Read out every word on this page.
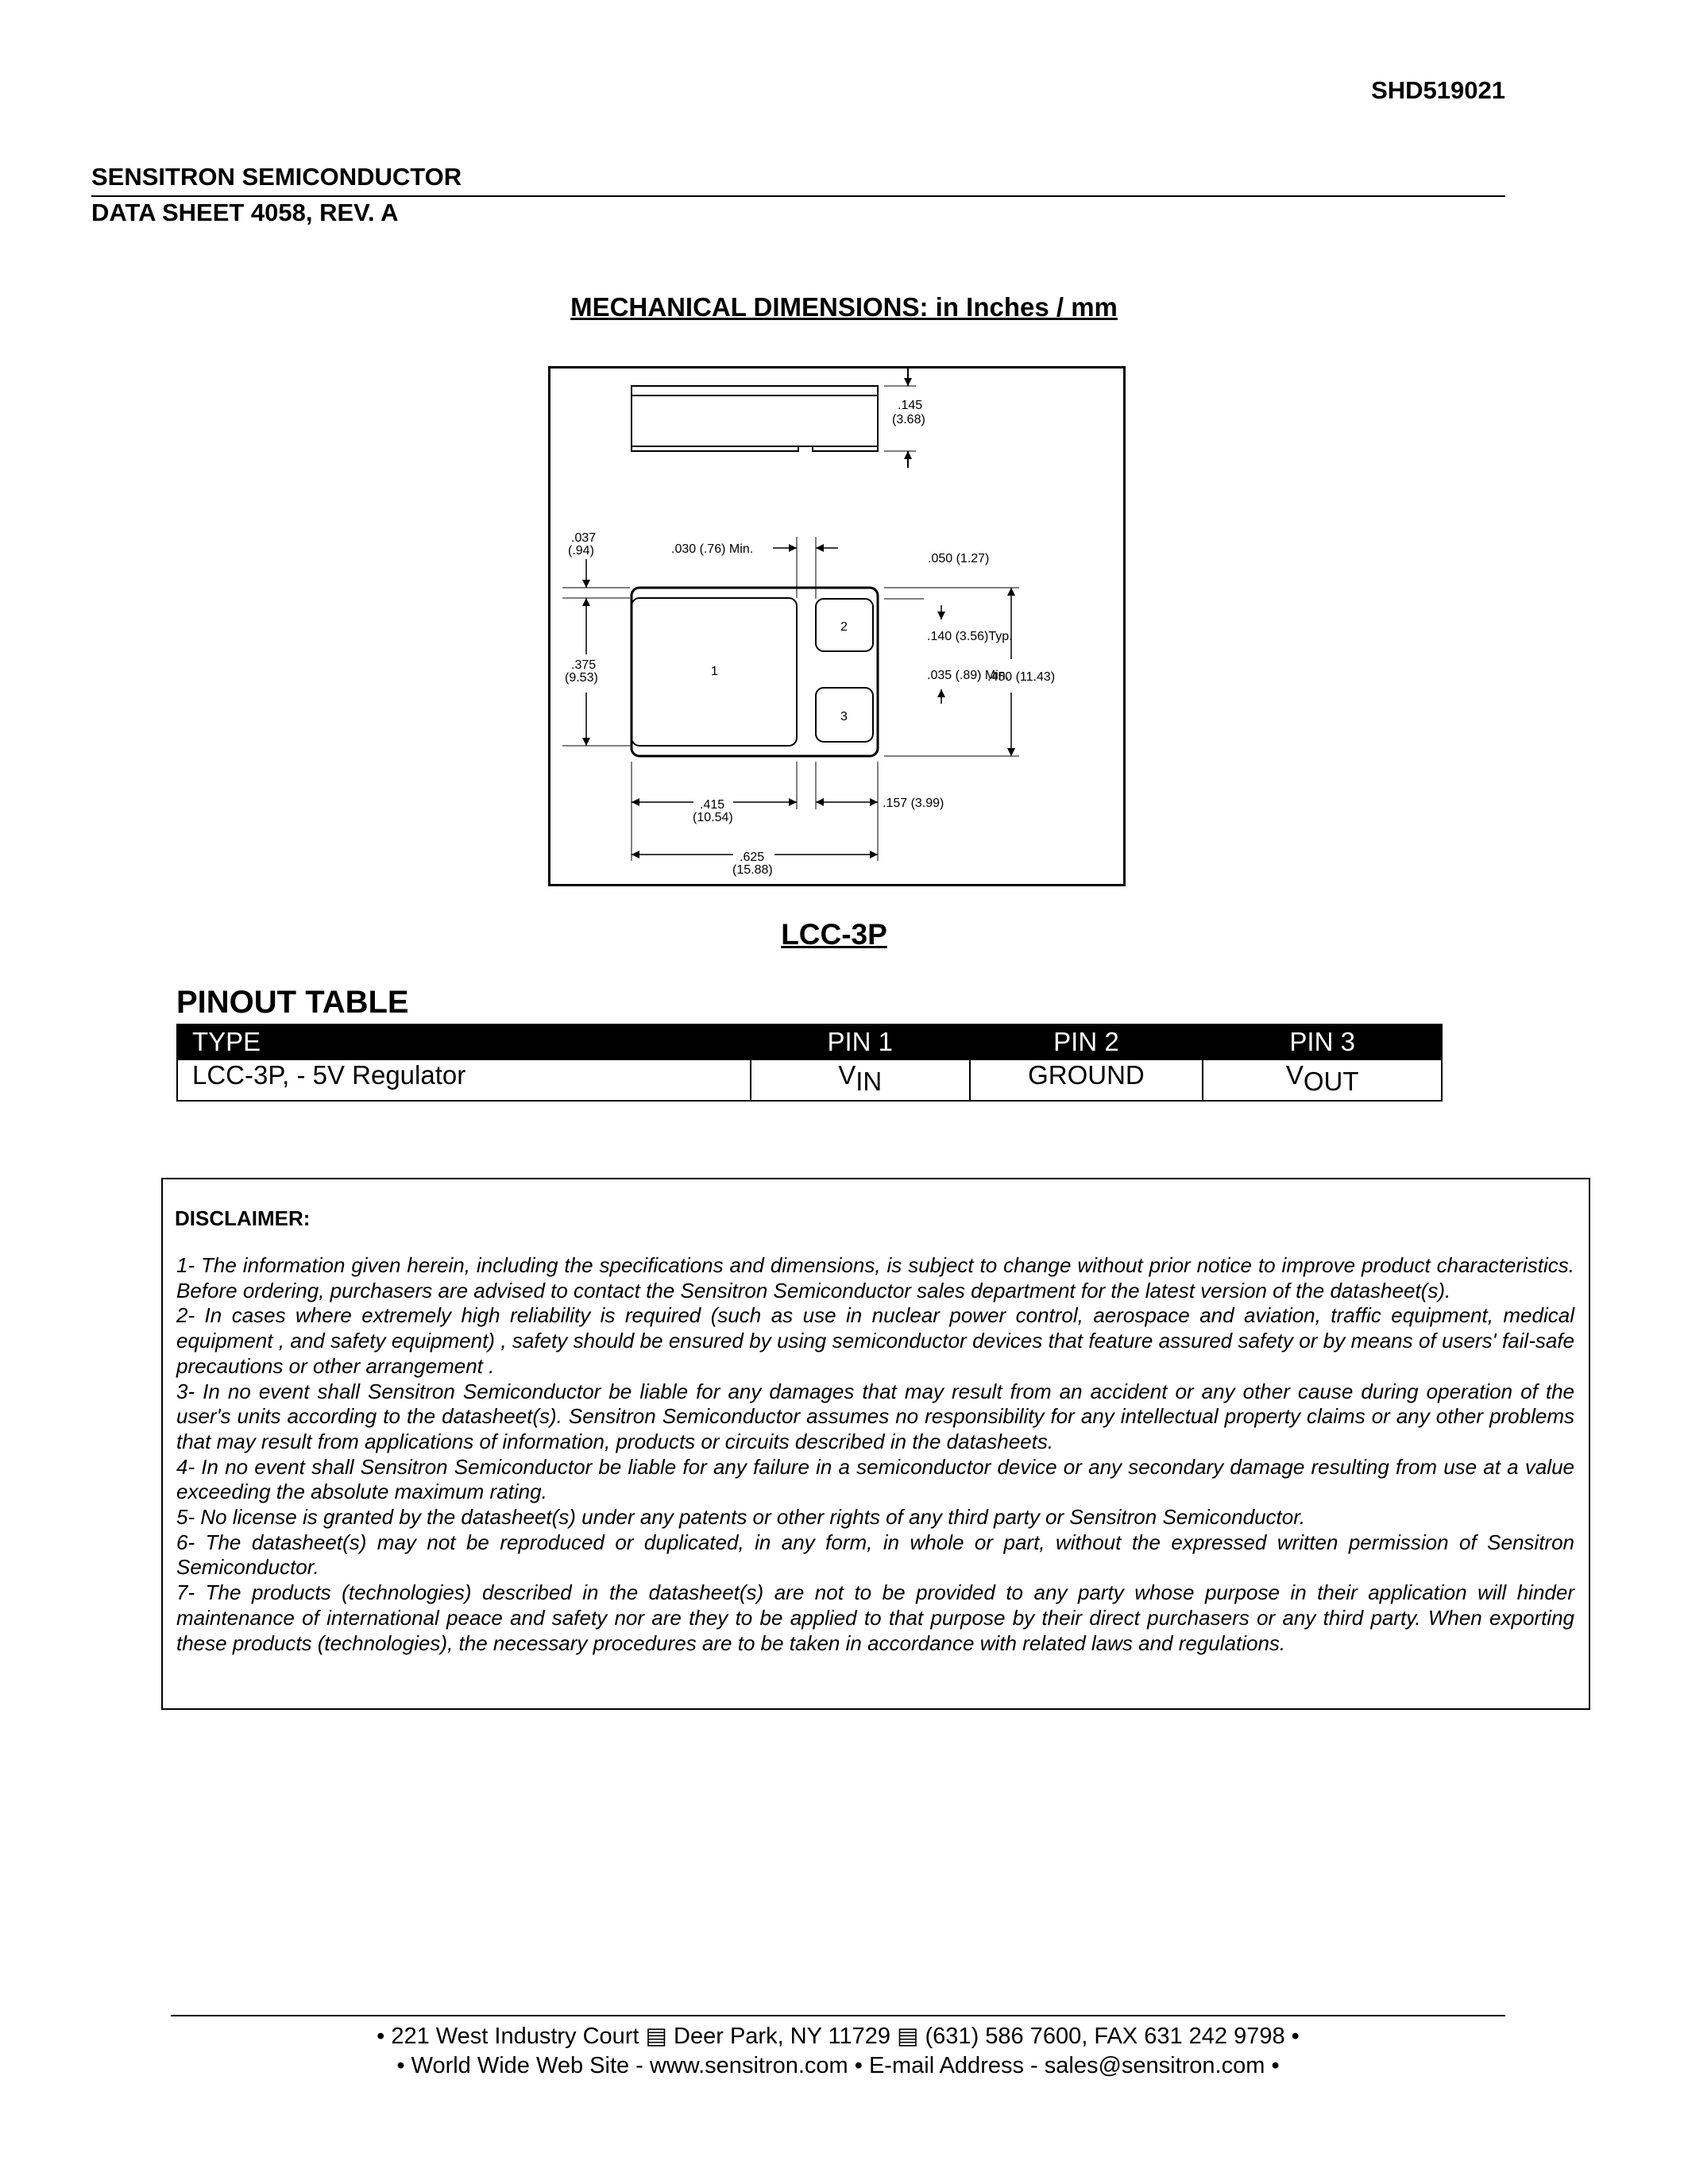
SHD519021
SENSITRON SEMICONDUCTOR
DATA SHEET 4058, REV. A
MECHANICAL DIMENSIONS: in Inches / mm
.145
(3.68)
1
2
3
.037
(.94)
.375
(9.53)
.030 (.76) Min.
.050 (1.27)
.140 (3.56)Typ.
.035 (.89) Min.
.450 (11.43)
.415
(10.54)
.157 (3.99)
.625
(15.88)
LCC-3P
PINOUT TABLE
TYPE	PIN 1	PIN 2	PIN 3
LCC-3P, - 5V Regulator	$V_{IN}$	GROUND	$V_{OUT}$
DISCLAIMER:

1- The information given herein, including the specifications and dimensions, is subject to change without prior notice to improve product characteristics. Before ordering, purchasers are advised to contact the Sensitron Semiconductor sales department for the latest version of the datasheet(s).

2- In cases where extremely high reliability is required (such as use in nuclear power control, aerospace and aviation, traffic equipment, medical equipment , and safety equipment) , safety should be ensured by using semiconductor devices that feature assured safety or by means of users' fail-safe precautions or other arrangement .

3- In no event shall Sensitron Semiconductor be liable for any damages that may result from an accident or any other cause during operation of the user's units according to the datasheet(s). Sensitron Semiconductor assumes no responsibility for any intellectual property claims or any other problems that may result from applications of information, products or circuits described in the datasheets.

4- In no event shall Sensitron Semiconductor be liable for any failure in a semiconductor device or any secondary damage resulting from use at a value exceeding the absolute maximum rating.

5- No license is granted by the datasheet(s) under any patents or other rights of any third party or Sensitron Semiconductor.

6- The datasheet(s) may not be reproduced or duplicated, in any form, in whole or part, without the expressed written permission of Sensitron Semiconductor.

7- The products (technologies) described in the datasheet(s) are not to be provided to any party whose purpose in their application will hinder maintenance of international peace and safety nor are they to be applied to that purpose by their direct purchasers or any third party. When exporting these products (technologies), the necessary procedures are to be taken in accordance with related laws and regulations.

• 221 West Industry Court ▤ Deer Park, NY 11729 ▤ (631) 586 7600, FAX 631 242 9798 •
• World Wide Web Site - www.sensitron.com • E-mail Address - sales@sensitron.com •
